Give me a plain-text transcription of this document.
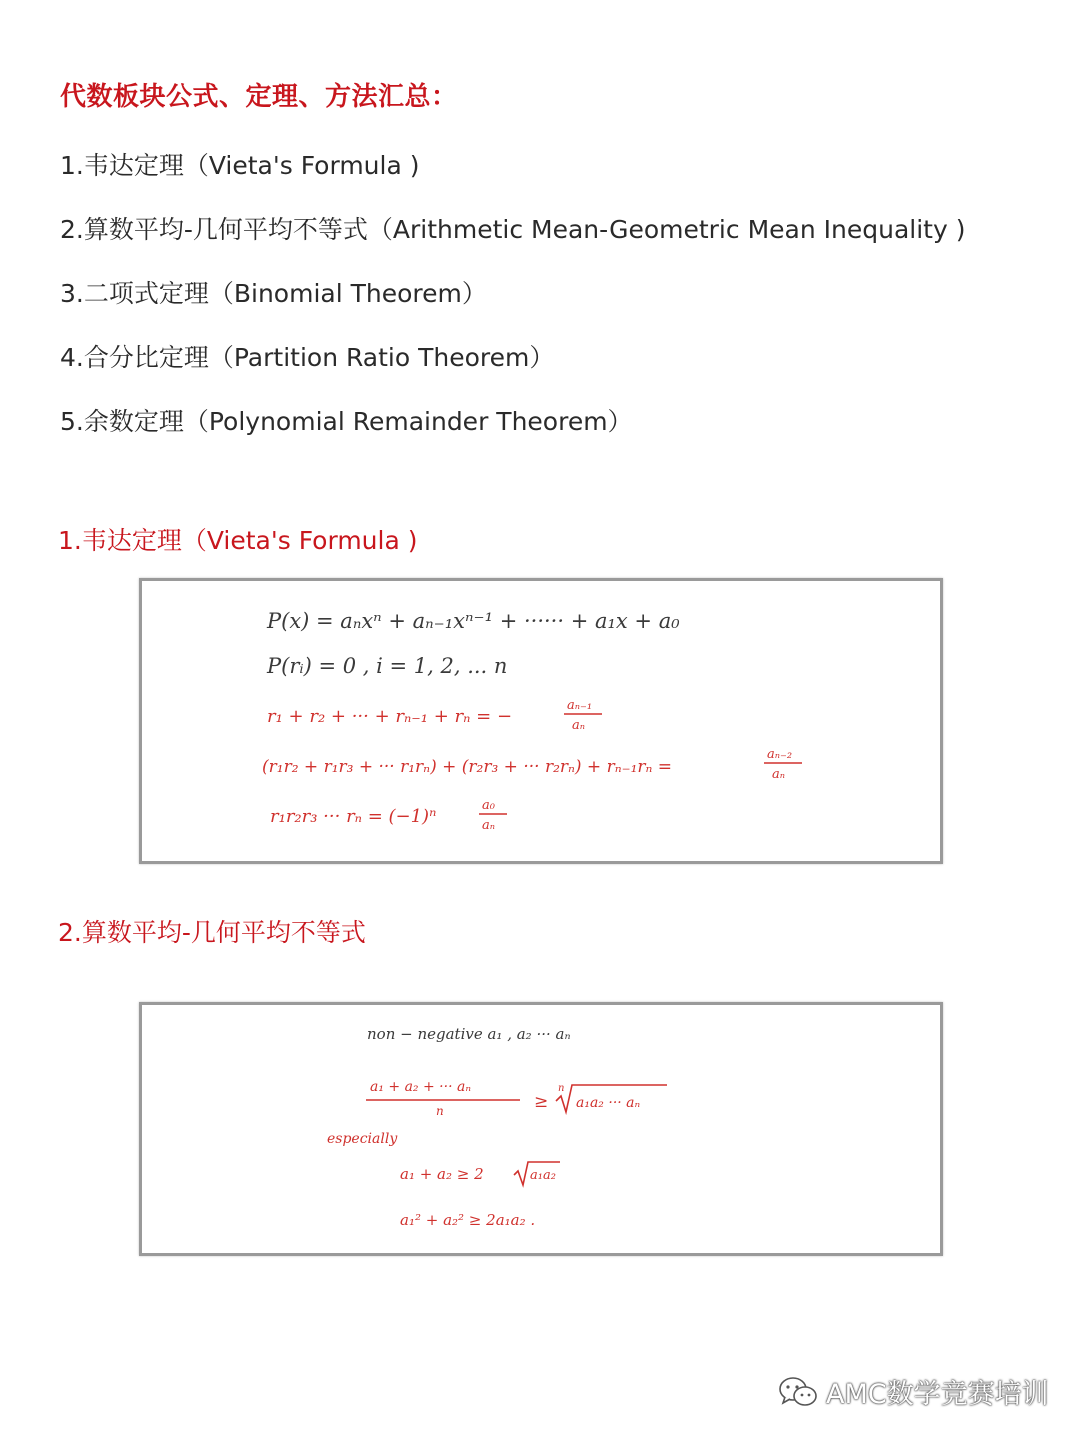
代数板块公式、定理、方法汇总：
1.韦达定理（Vieta's Formula )
2.算数平均-几何平均不等式（Arithmetic Mean-Geometric Mean Inequality )
3.二项式定理（Binomial Theorem）
4.合分比定理（Partition Ratio Theorem）
5.余数定理（Polynomial Remainder Theorem）
1.韦达定理（Vieta's Formula )
P(x) = aₙxⁿ + aₙ₋₁xⁿ⁻¹ + ······ + a₁x + a₀
P(rᵢ) = 0 , i = 1, 2, ... n
r₁ + r₂ + ··· + rₙ₋₁ + rₙ = −
aₙ₋₁
aₙ
(r₁r₂ + r₁r₃ + ··· r₁rₙ) + (r₂r₃ + ··· r₂rₙ) + rₙ₋₁rₙ =
aₙ₋₂
aₙ
r₁r₂r₃ ··· rₙ = (−1)ⁿ
a₀
aₙ
2.算数平均-几何平均不等式
non − negative a₁ , a₂ ··· aₙ
a₁ + a₂ + ··· aₙ
n	≥
n
a₁a₂ ··· aₙ
especially
a₁ + a₂ ≥ 2	a₁a₂
a₁² + a₂² ≥ 2a₁a₂ .
AMC数学竞赛培训
